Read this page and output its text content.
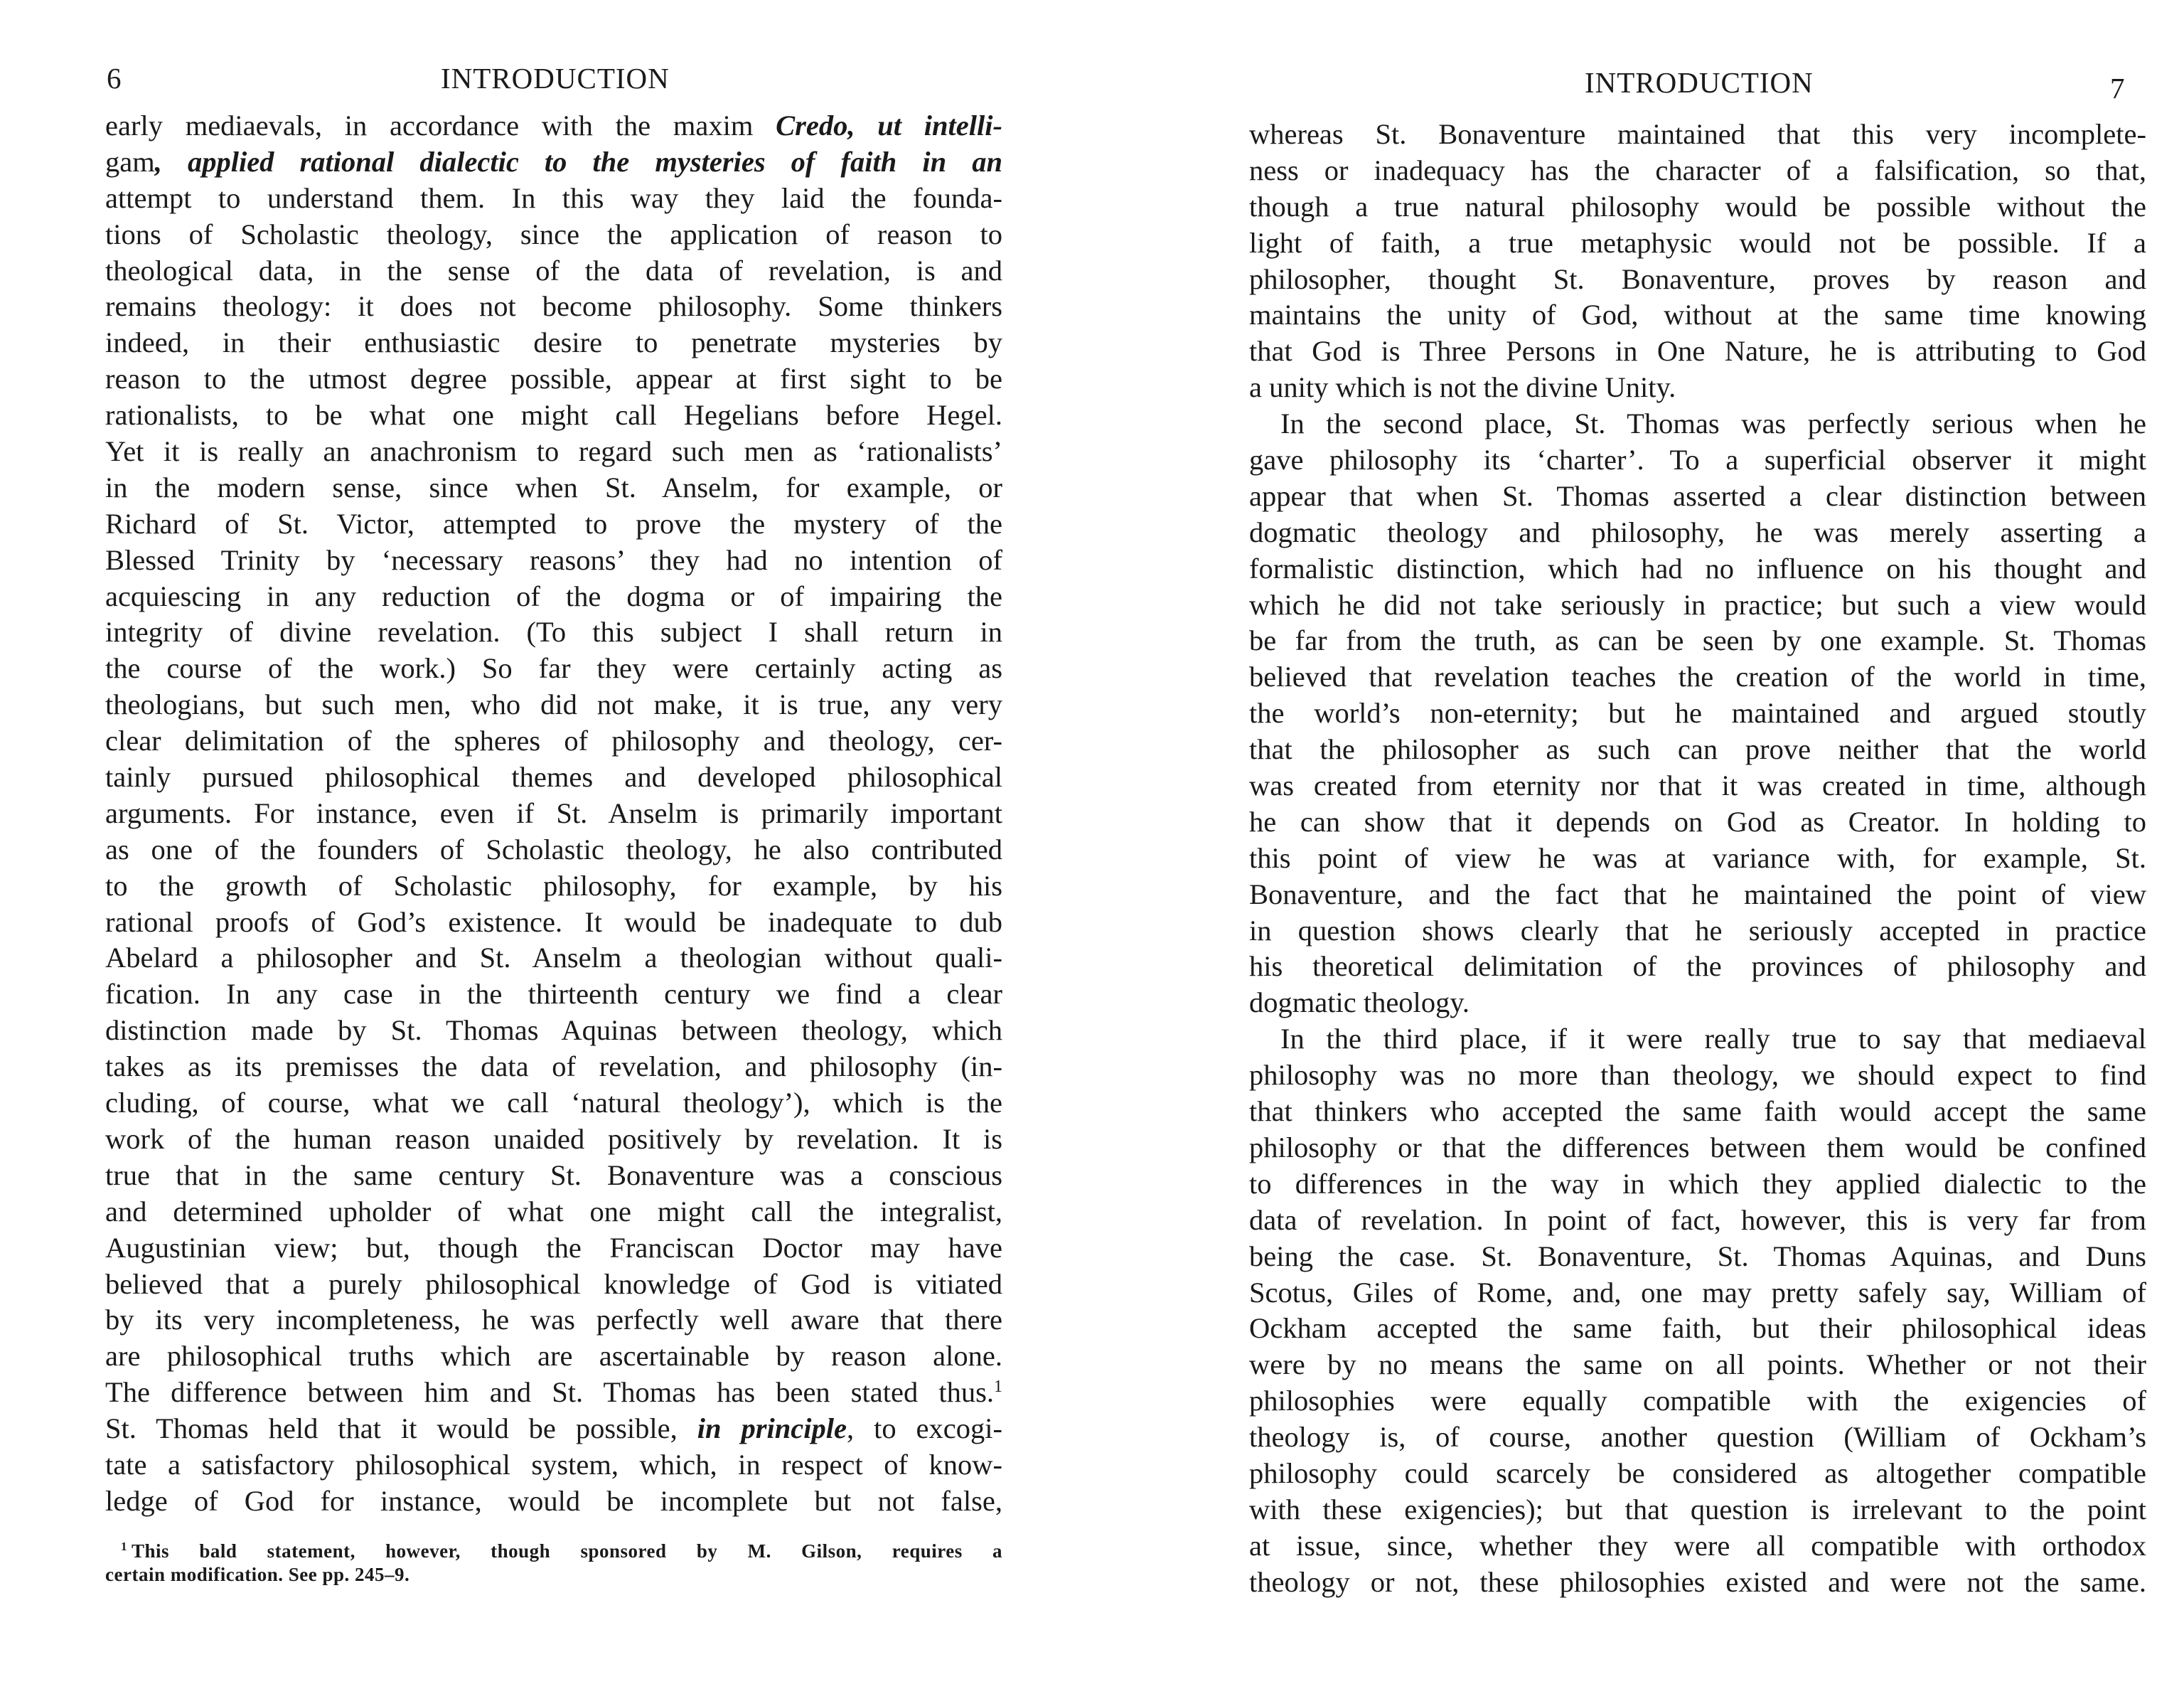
6	INTRODUCTION
early mediaevals, in accordance with the maxim Credo, ut intelli-
gam, applied rational dialectic to the mysteries of faith in an
attempt to understand them. In this way they laid the founda-
tions of Scholastic theology, since the application of reason to
theological data, in the sense of the data of revelation, is and
remains theology: it does not become philosophy. Some thinkers
indeed, in their enthusiastic desire to penetrate mysteries by
reason to the utmost degree possible, appear at first sight to be
rationalists, to be what one might call Hegelians before Hegel.
Yet it is really an anachronism to regard such men as ‘rationalists’
in the modern sense, since when St. Anselm, for example, or
Richard of St. Victor, attempted to prove the mystery of the
Blessed Trinity by ‘necessary reasons’ they had no intention of
acquiescing in any reduction of the dogma or of impairing the
integrity of divine revelation. (To this subject I shall return in
the course of the work.) So far they were certainly acting as
theologians, but such men, who did not make, it is true, any very
clear delimitation of the spheres of philosophy and theology, cer-
tainly pursued philosophical themes and developed philosophical
arguments. For instance, even if St. Anselm is primarily important
as one of the founders of Scholastic theology, he also contributed
to the growth of Scholastic philosophy, for example, by his
rational proofs of God’s existence. It would be inadequate to dub
Abelard a philosopher and St. Anselm a theologian without quali-
fication. In any case in the thirteenth century we find a clear
distinction made by St. Thomas Aquinas between theology, which
takes as its premisses the data of revelation, and philosophy (in-
cluding, of course, what we call ‘natural theology’), which is the
work of the human reason unaided positively by revelation. It is
true that in the same century St. Bonaventure was a conscious
and determined upholder of what one might call the integralist,
Augustinian view; but, though the Franciscan Doctor may have
believed that a purely philosophical knowledge of God is vitiated
by its very incompleteness, he was perfectly well aware that there
are philosophical truths which are ascertainable by reason alone.
The difference between him and St. Thomas has been stated thus.$^1$
St. Thomas held that it would be possible, in principle, to excogi-
tate a satisfactory philosophical system, which, in respect of know-
ledge of God for instance, would be incomplete but not false,
$^1$ This bald statement, however, though sponsored by M. Gilson, requires a
certain modification. See pp. 245–9.
INTRODUCTION	7
whereas St. Bonaventure maintained that this very incomplete-
ness or inadequacy has the character of a falsification, so that,
though a true natural philosophy would be possible without the
light of faith, a true metaphysic would not be possible. If a
philosopher, thought St. Bonaventure, proves by reason and
maintains the unity of God, without at the same time knowing
that God is Three Persons in One Nature, he is attributing to God
a unity which is not the divine Unity.
In the second place, St. Thomas was perfectly serious when he
gave philosophy its ‘charter’. To a superficial observer it might
appear that when St. Thomas asserted a clear distinction between
dogmatic theology and philosophy, he was merely asserting a
formalistic distinction, which had no influence on his thought and
which he did not take seriously in practice; but such a view would
be far from the truth, as can be seen by one example. St. Thomas
believed that revelation teaches the creation of the world in time,
the world’s non-eternity; but he maintained and argued stoutly
that the philosopher as such can prove neither that the world
was created from eternity nor that it was created in time, although
he can show that it depends on God as Creator. In holding to
this point of view he was at variance with, for example, St.
Bonaventure, and the fact that he maintained the point of view
in question shows clearly that he seriously accepted in practice
his theoretical delimitation of the provinces of philosophy and
dogmatic theology.
In the third place, if it were really true to say that mediaeval
philosophy was no more than theology, we should expect to find
that thinkers who accepted the same faith would accept the same
philosophy or that the differences between them would be confined
to differences in the way in which they applied dialectic to the
data of revelation. In point of fact, however, this is very far from
being the case. St. Bonaventure, St. Thomas Aquinas, and Duns
Scotus, Giles of Rome, and, one may pretty safely say, William of
Ockham accepted the same faith, but their philosophical ideas
were by no means the same on all points. Whether or not their
philosophies were equally compatible with the exigencies of
theology is, of course, another question (William of Ockham’s
philosophy could scarcely be considered as altogether compatible
with these exigencies); but that question is irrelevant to the point
at issue, since, whether they were all compatible with orthodox
theology or not, these philosophies existed and were not the same.
